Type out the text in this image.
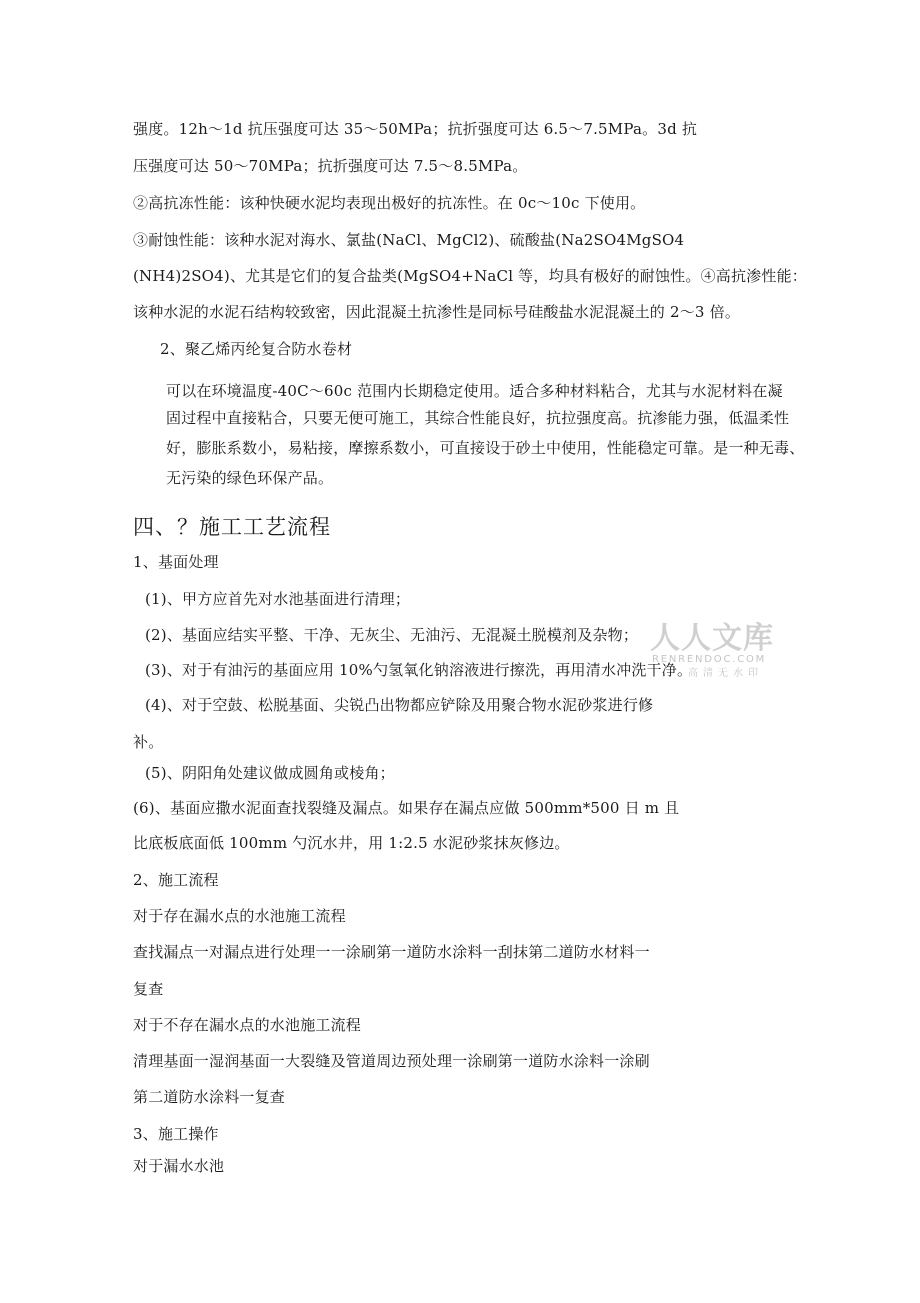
强度。12h〜1d 抗压强度可达 35〜50MPa；抗折强度可达 6.5〜7.5MPa。3d 抗
压强度可达 50〜70MPa；抗折强度可达 7.5〜8.5MPa。
②高抗冻性能：该种快硬水泥均表现出极好的抗冻性。在 0c〜10c 下使用。
③耐蚀性能：该种水泥对海水、氯盐(NaCl、MgCl2)、硫酸盐(Na2SO4MgSO4
(NH4)2SO4)、尤其是它们的复合盐类(MgSO4+NaCl 等，均具有极好的耐蚀性。④高抗渗性能：
该种水泥的水泥石结构较致密，因此混凝土抗渗性是同标号硅酸盐水泥混凝土的 2〜3 倍。
2、聚乙烯丙纶复合防水卷材
可以在环境温度-40C〜60c 范围内长期稳定使用。适合多种材料粘合，尤其与水泥材料在凝
固过程中直接粘合，只要无便可施工，其综合性能良好，抗拉强度高。抗渗能力强，低温柔性
好，膨胀系数小，易粘接，摩擦系数小，可直接设于砂土中使用，性能稳定可靠。是一种无毒、
无污染的绿色环保产品。
四、？施工工艺流程
1、基面处理
(1)、甲方应首先对水池基面进行清理；
(2)、基面应结实平整、干净、无灰尘、无油污、无混凝土脱模剂及杂物；
(3)、对于有油污的基面应用 10%勺氢氧化钠溶液进行擦洗，再用清水冲洗干净。
(4)、对于空鼓、松脱基面、尖锐凸出物都应铲除及用聚合物水泥砂浆进行修
补。
(5)、阴阳角处建议做成圆角或棱角；
(6)、基面应撒水泥面查找裂缝及漏点。如果存在漏点应做 500mm*500 日 m 且
比底板底面低 100mm 勺沉水井，用 1:2.5 水泥砂浆抹灰修边。
2、施工流程
对于存在漏水点的水池施工流程
查找漏点一对漏点进行处理一一涂刷第一道防水涂料一刮抹第二道防水材料一
复查
对于不存在漏水点的水池施工流程
清理基面一湿润基面一大裂缝及管道周边预处理一涂刷第一道防水涂料一涂刷
第二道防水涂料一复查
3、施工操作
对于漏水水池
人人文库
RENRENDOC.COM
高清无水印
